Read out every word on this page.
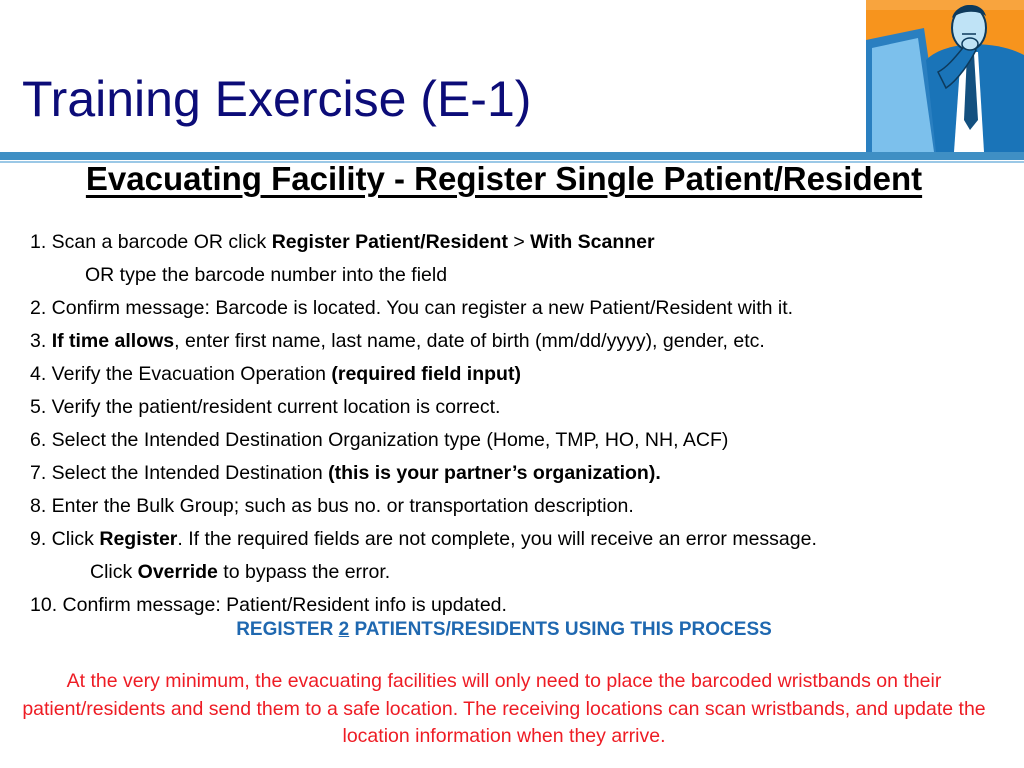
Training Exercise (E-1)
Evacuating Facility - Register Single Patient/Resident
1. Scan a barcode OR click Register Patient/Resident > With Scanner
OR type the barcode number into the field
2. Confirm message: Barcode is located. You can register a new Patient/Resident with it.
3. If time allows, enter first name, last name, date of birth (mm/dd/yyyy), gender, etc.
4. Verify the Evacuation Operation (required field input)
5. Verify the patient/resident current location is correct.
6. Select the Intended Destination Organization type (Home, TMP, HO, NH, ACF)
7. Select the Intended Destination (this is your partner’s organization).
8. Enter the Bulk Group; such as bus no. or transportation description.
9. Click Register. If the required fields are not complete, you will receive an error message.
Click Override to bypass the error.
10. Confirm message: Patient/Resident info is updated.
REGISTER 2 PATIENTS/RESIDENTS USING THIS PROCESS
At the very minimum, the evacuating facilities will only need to place the barcoded wristbands on their patient/residents and send them to a safe location. The receiving locations can scan wristbands, and update the location information when they arrive.
